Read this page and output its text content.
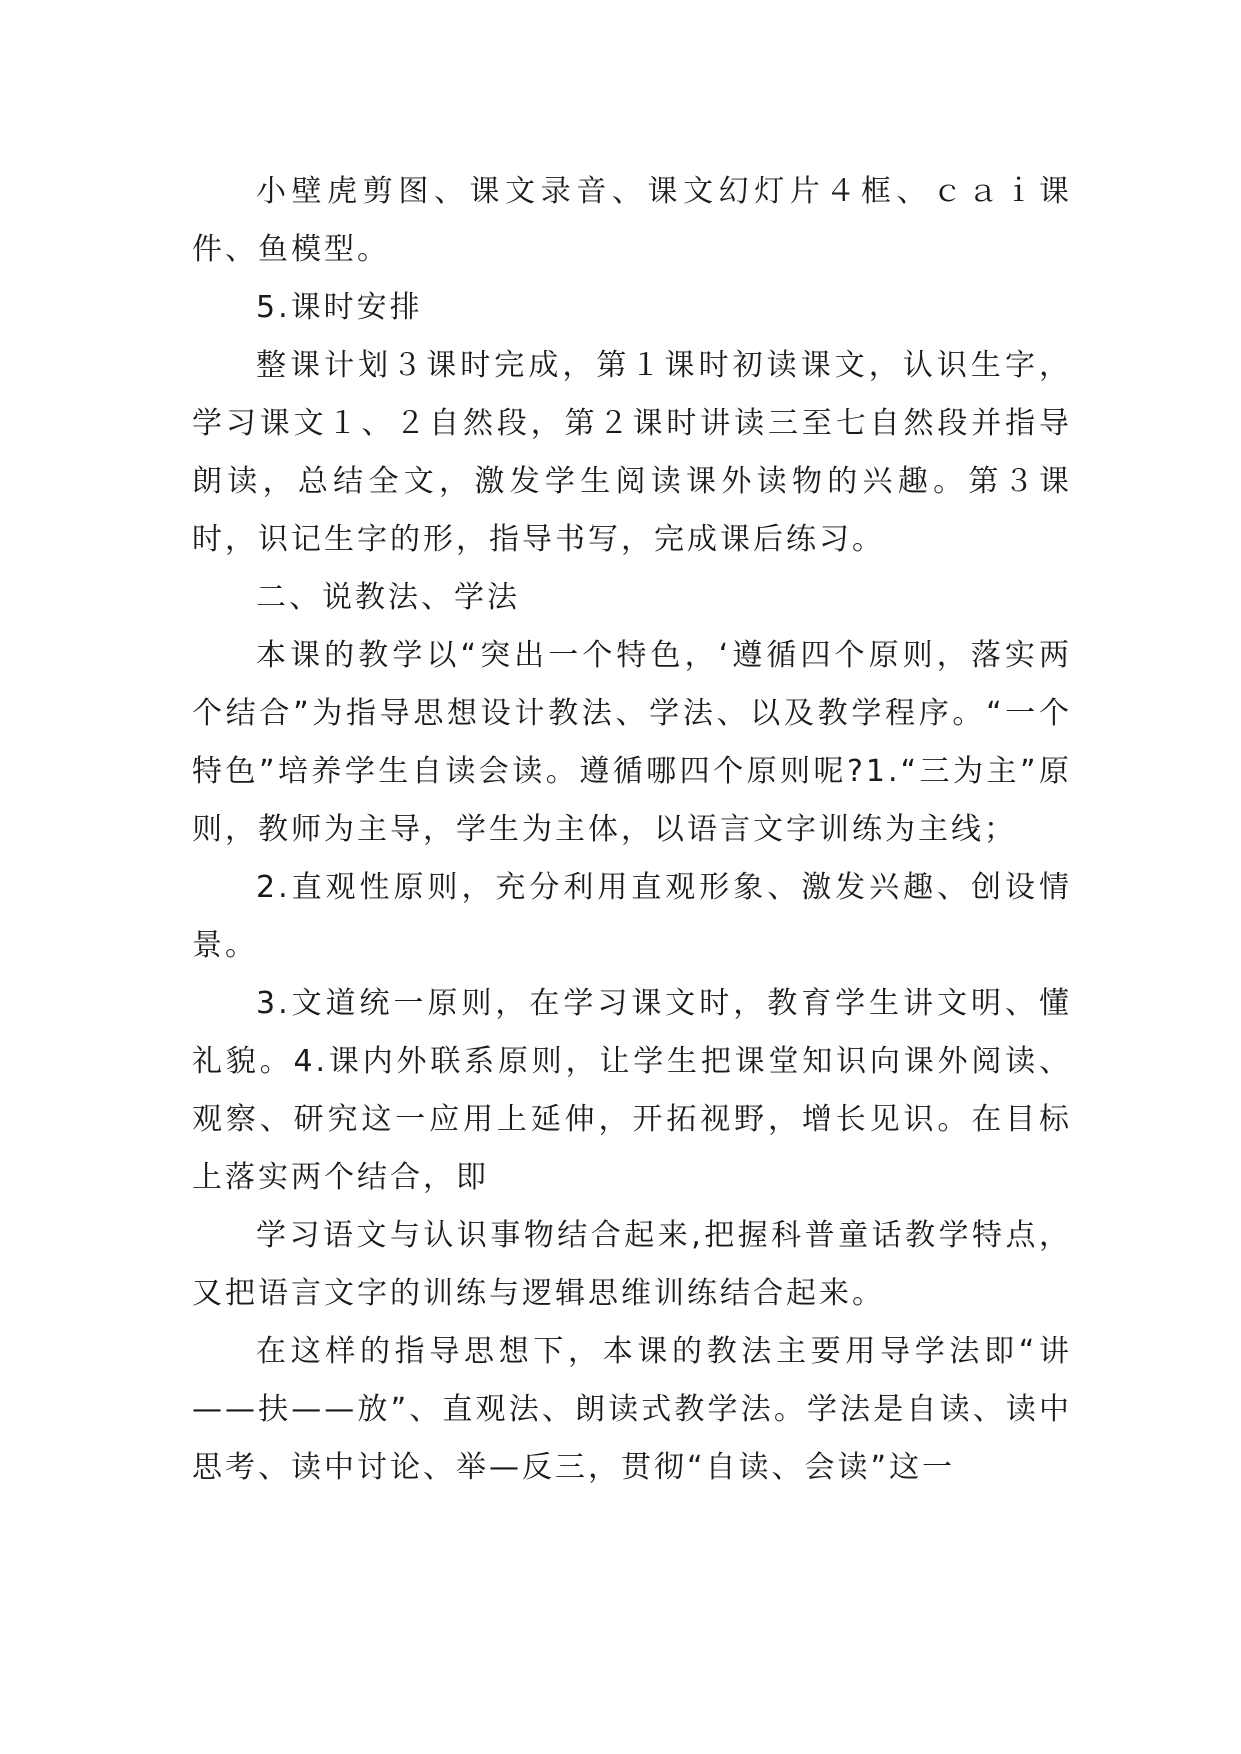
小壁虎剪图、课文录音、课文幻灯片４框、ｃａｉ课件、鱼模型。

5.课时安排

整课计划３课时完成，第１课时初读课文，认识生字，学习课文１、２自然段，第２课时讲读三至七自然段并指导朗读，总结全文，激发学生阅读课外读物的兴趣。第３课时，识记生字的形，指导书写，完成课后练习。

二、说教法、学法

本课的教学以“突出一个特色，‘遵循四个原则，落实两个结合”为指导思想设计教法、学法、以及教学程序。“一个特色”培养学生自读会读。遵循哪四个原则呢?1.“三为主”原则，教师为主导，学生为主体，以语言文字训练为主线；

2.直观性原则，充分利用直观形象、激发兴趣、创设情景。

3.文道统一原则，在学习课文时，教育学生讲文明、懂礼貌。4.课内外联系原则，让学生把课堂知识向课外阅读、观察、研究这一应用上延伸，开拓视野，增长见识。在目标上落实两个结合，即

学习语文与认识事物结合起来,把握科普童话教学特点，又把语言文字的训练与逻辑思维训练结合起来。

在这样的指导思想下，本课的教法主要用导学法即“讲——扶——放”、直观法、朗读式教学法。学法是自读、读中思考、读中讨论、举—反三，贯彻“自读、会读”这一
